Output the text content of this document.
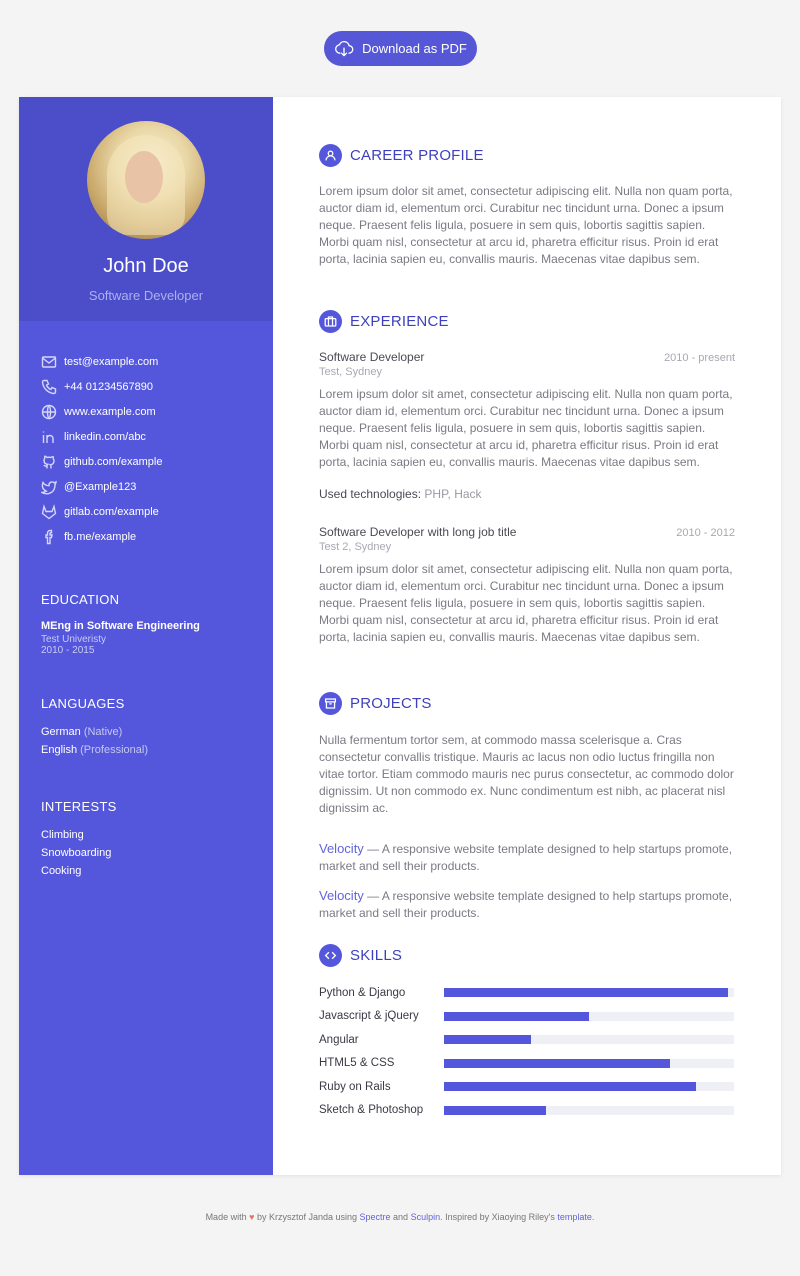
Download as PDF
John Doe
Software Developer
test@example.com
+44 01234567890
www.example.com
linkedin.com/abc
github.com/example
@Example123
gitlab.com/example
fb.me/example
EDUCATION
MEng in Software Engineering
Test Univeristy
2010 - 2015
LANGUAGES
German (Native)
English (Professional)
INTERESTS
Climbing
Snowboarding
Cooking
CAREER PROFILE

Lorem ipsum dolor sit amet, consectetur adipiscing elit. Nulla non quam porta, auctor diam id, elementum orci. Curabitur nec tincidunt urna. Donec a ipsum neque. Praesent felis ligula, posuere in sem quis, lobortis sagittis sapien. Morbi quam nisl, consectetur at arcu id, pharetra efficitur risus. Proin id erat porta, lacinia sapien eu, convallis mauris. Maecenas vitae dapibus sem.

EXPERIENCE
Software Developer	2010 - present
Test, Sydney

Lorem ipsum dolor sit amet, consectetur adipiscing elit. Nulla non quam porta, auctor diam id, elementum orci. Curabitur nec tincidunt urna. Donec a ipsum neque. Praesent felis ligula, posuere in sem quis, lobortis sagittis sapien. Morbi quam nisl, consectetur at arcu id, pharetra efficitur risus. Proin id erat porta, lacinia sapien eu, convallis mauris. Maecenas vitae dapibus sem.

Used technologies: PHP, Hack
Software Developer with long job title	2010 - 2012
Test 2, Sydney

Lorem ipsum dolor sit amet, consectetur adipiscing elit. Nulla non quam porta, auctor diam id, elementum orci. Curabitur nec tincidunt urna. Donec a ipsum neque. Praesent felis ligula, posuere in sem quis, lobortis sagittis sapien. Morbi quam nisl, consectetur at arcu id, pharetra efficitur risus. Proin id erat porta, lacinia sapien eu, convallis mauris. Maecenas vitae dapibus sem.

PROJECTS

Nulla fermentum tortor sem, at commodo massa scelerisque a. Cras consectetur convallis tristique. Mauris ac lacus non odio luctus fringilla non vitae tortor. Etiam commodo mauris nec purus consectetur, ac commodo dolor dignissim. Ut non commodo ex. Nunc condimentum est nibh, ac placerat nisl dignissim ac.

Velocity — A responsive website template designed to help startups promote, market and sell their products.

Velocity — A responsive website template designed to help startups promote, market and sell their products.

SKILLS
Python & Django
Javascript & jQuery
Angular
HTML5 & CSS
Ruby on Rails
Sketch & Photoshop
Made with ♥ by Krzysztof Janda using Spectre and Sculpin. Inspired by Xiaoying Riley's template.
